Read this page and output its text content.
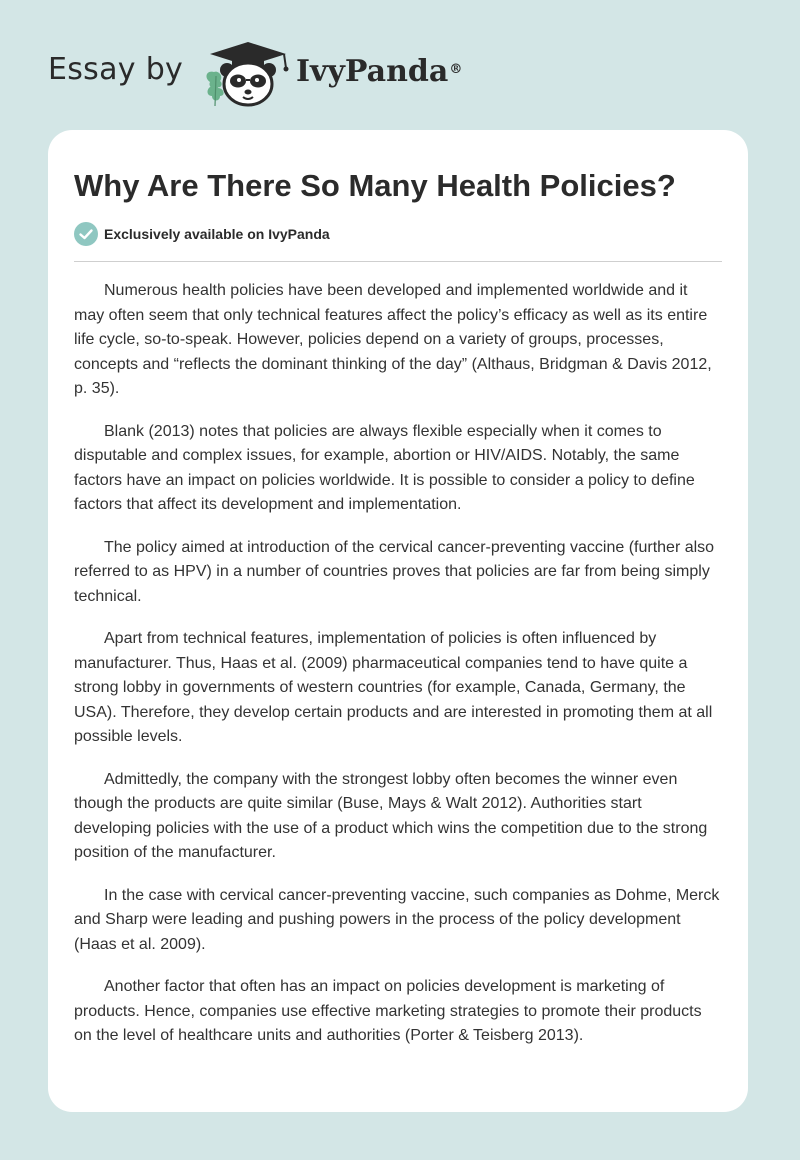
Essay by	IvyPanda®
Why Are There So Many Health Policies?
Exclusively available on IvyPanda

Numerous health policies have been developed and implemented worldwide and it may often seem that only technical features affect the policy’s efficacy as well as its entire life cycle, so-to-speak. However, policies depend on a variety of groups, processes, concepts and “reflects the dominant thinking of the day” (Althaus, Bridgman & Davis 2012, p. 35).

Blank (2013) notes that policies are always flexible especially when it comes to disputable and complex issues, for example, abortion or HIV/AIDS. Notably, the same factors have an impact on policies worldwide. It is possible to consider a policy to define factors that affect its development and implementation.

The policy aimed at introduction of the cervical cancer-preventing vaccine (further also referred to as HPV) in a number of countries proves that policies are far from being simply technical.

Apart from technical features, implementation of policies is often influenced by manufacturer. Thus, Haas et al. (2009) pharmaceutical companies tend to have quite a strong lobby in governments of western countries (for example, Canada, Germany, the USA). Therefore, they develop certain products and are interested in promoting them at all possible levels.

Admittedly, the company with the strongest lobby often becomes the winner even though the products are quite similar (Buse, Mays & Walt 2012). Authorities start developing policies with the use of a product which wins the competition due to the strong position of the manufacturer.

In the case with cervical cancer-preventing vaccine, such companies as Dohme, Merck and Sharp were leading and pushing powers in the process of the policy development (Haas et al. 2009).

Another factor that often has an impact on policies development is marketing of products. Hence, companies use effective marketing strategies to promote their products on the level of healthcare units and authorities (Porter & Teisberg 2013).
